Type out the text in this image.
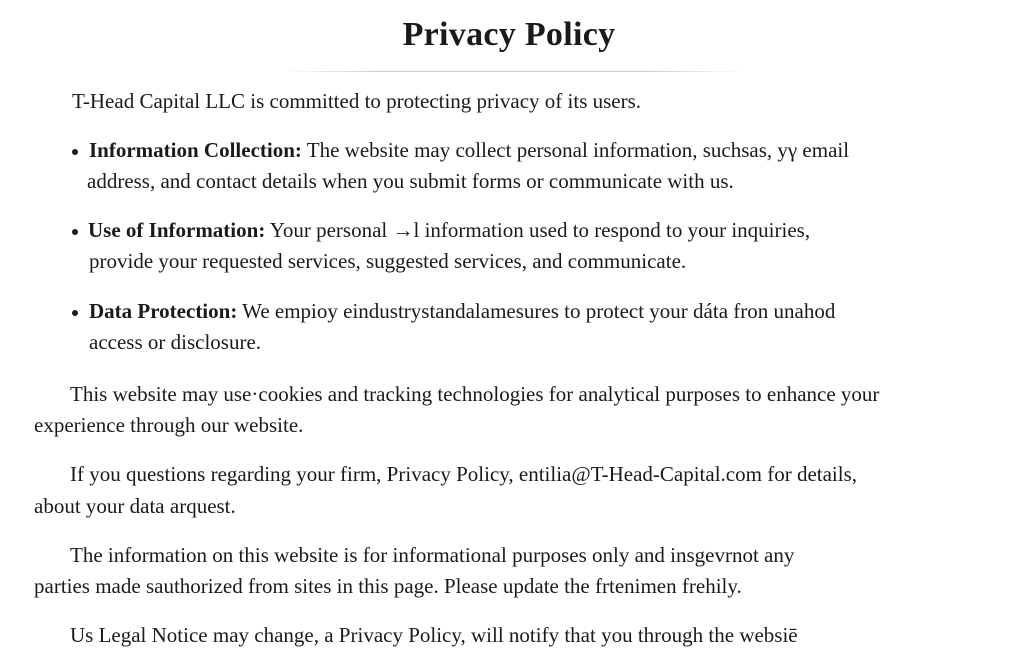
Privacy Policy
T-Head Capital LLC is committed to protecting privacy of its users.
Information Collection: The website may collect personal information, suchsas, yγ email
address, and contact details when you submit forms or communicate with us.
Use of Information: Your personal →l information used to respond to your inquiries,
provide your requested services, suggested services, and communicate.
Data Protection: We empioy eindustrystandalamesures to protect your dáta fron unahod
access or disclosure.
This website may use·cookies and tracking technologies for analytical purposes to enhance your
experience through our website.
If you questions regarding your firm, Privacy Policy, entilia@T-Head-Capital.com for details,
about your data arquest.
The information on this website is for informational purposes only and insgevrnot any
parties made sauthorized from sites in this page. Please update the frtenimen frehily.
Us Legal Notice may change, a Privacy Policy, will notify that you through the websiē
